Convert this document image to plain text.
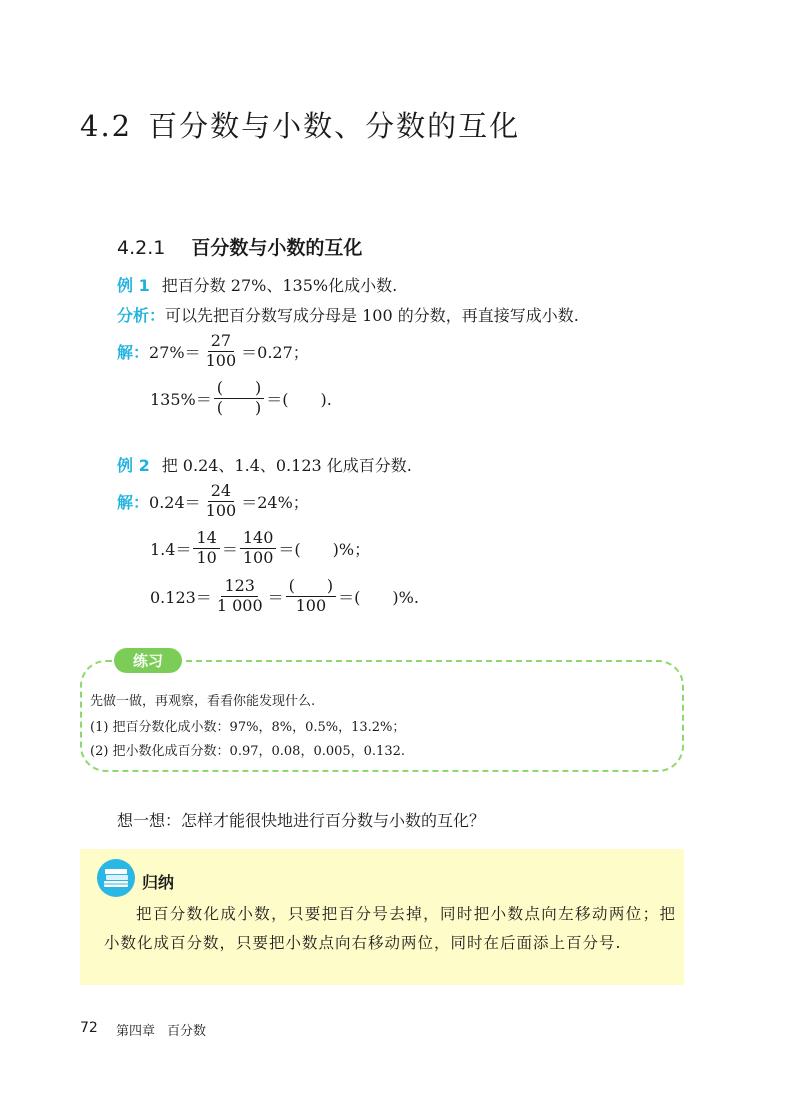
4.2 百分数与小数、分数的互化
4.2.1 百分数与小数的互化
例 1 把百分数 27%、135%化成小数.
分析： 可以先把百分数写成分母是 100 的分数，再直接写成小数.
解： $27\%= \frac{27}{100} =0.27$；
$135\%= \frac{( )}{( )}$ ＝(　　).
例 2 把 0.24、1.4、0.123 化成百分数.
解： $0.24= \frac{24}{100} =24\%$；
$1.4= \frac{14}{10} = \frac{140}{100}$ ＝(　　)%；
$0.123= \frac{123}{1 000} = \frac{( )}{100}$ ＝(　　)%.
练习
先做一做，再观察，看看你能发现什么.
(1) 把百分数化成小数：97%，8%，0.5%，13.2%；
(2) 把小数化成百分数：0.97，0.08，0.005，0.132.
想一想：怎样才能很快地进行百分数与小数的互化？
归纳
把百分数化成小数，只要把百分号去掉，同时把小数点向左移动两位；把小数化成百分数，只要把小数点向右移动两位，同时在后面添上百分号.
72 第四章 百分数
